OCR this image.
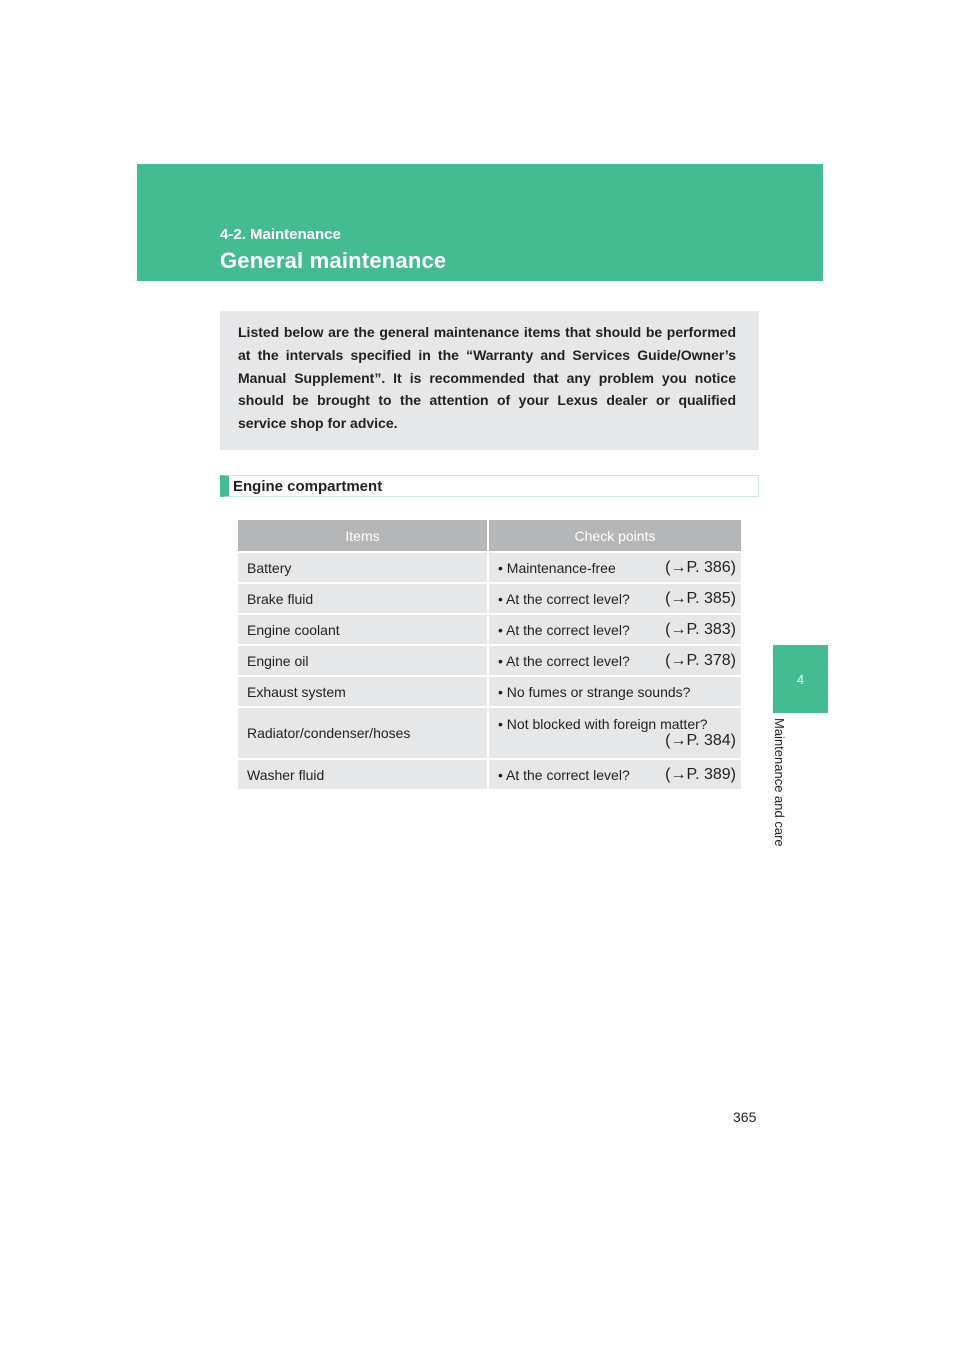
4-2. Maintenance
General maintenance
4
Maintenance and care
Listed below are the general maintenance items that should be performed at the intervals specified in the “Warranty and Services Guide/Owner’s Manual Supplement”. It is recommended that any problem you notice should be brought to the attention of your Lexus dealer or qualified service shop for advice.
Engine compartment
Items	Check points
Battery	• Maintenance-free (→P. 386)

Brake fluid	• At the correct level? (→P. 385)

Engine coolant	• At the correct level? (→P. 383)

Engine oil	• At the correct level? (→P. 378)

Exhaust system	• No fumes or strange sounds?

Radiator/condenser/hoses	• Not blocked with foreign matter?
(→P. 384)

Washer fluid	• At the correct level? (→P. 389)
365
